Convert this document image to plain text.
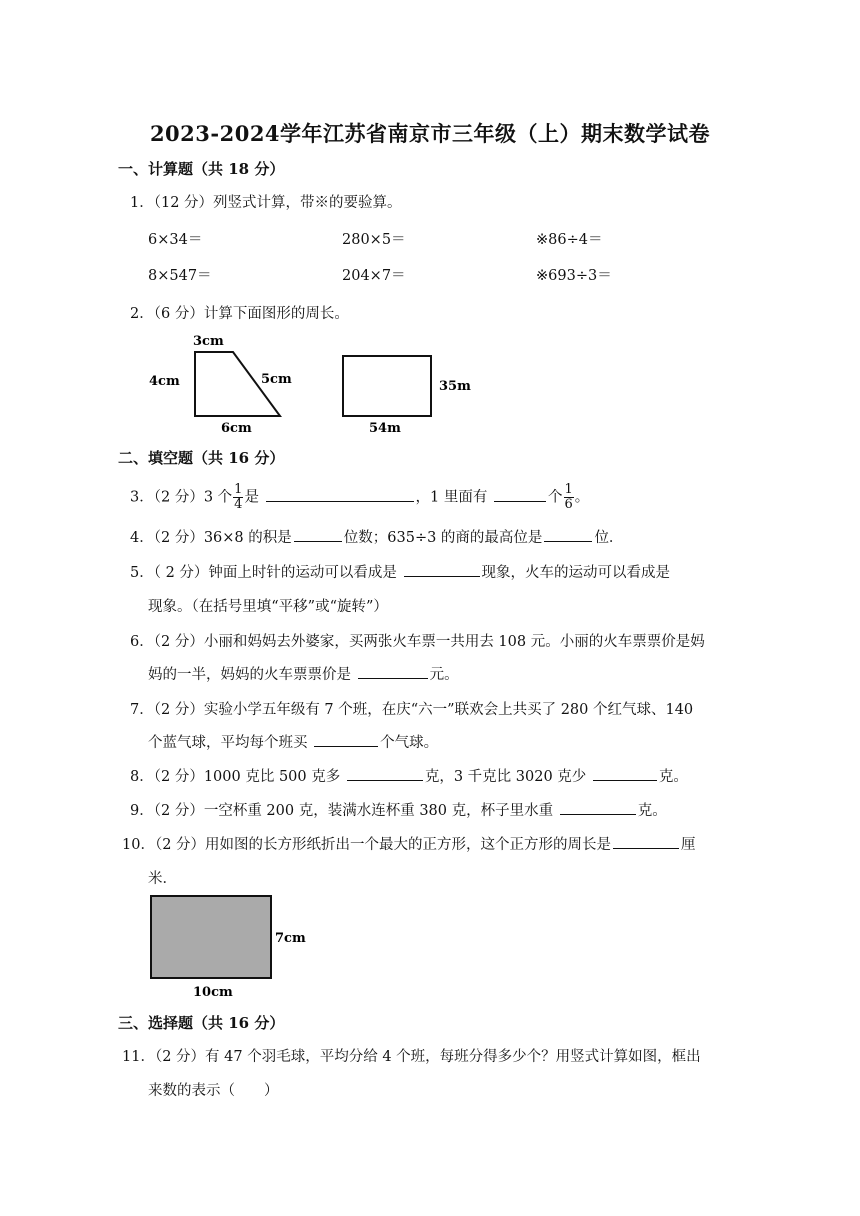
2023-2024学年江苏省南京市三年级（上）期末数学试卷
一、计算题（共 18 分）
1．（12 分）列竖式计算，带※的要验算。
6×34＝	280×5＝	※86÷4＝
8×547＝	204×7＝	※693÷3＝
2．（6 分）计算下面图形的周长。
3cm
4cm	5cm
6cm
35m
54m
二、填空题（共 16 分）
3．（2 分）3 个 $\frac{1}{4}$ 是	，1 里面有	个 $\frac{1}{6}$ 。
4．（2 分）36×8 的积是	位数；635÷3 的商的最高位是	位．
5．（ 2 分）钟面上时针的运动可以看成是	现象，火车的运动可以看成是
现象。（在括号里填“平移”或“旋转”）
6．（2 分）小丽和妈妈去外婆家，买两张火车票一共用去 108 元。小丽的火车票票价是妈
妈的一半，妈妈的火车票票价是	元。
7．（2 分）实验小学五年级有 7 个班，在庆“六一”联欢会上共买了 280 个红气球、140
个蓝气球，平均每个班买	个气球。
8．（2 分）1000 克比 500 克多	克，3 千克比 3020 克少	克。
9．（2 分）一空杯重 200 克，装满水连杯重 380 克，杯子里水重	克。
10．（2 分）用如图的长方形纸折出一个最大的正方形，这个正方形的周长是	厘
米．
7cm
10cm
三、选择题（共 16 分）
11．（2 分）有 47 个羽毛球，平均分给 4 个班，每班分得多少个？用竖式计算如图，框出
来数的表示（　　）
